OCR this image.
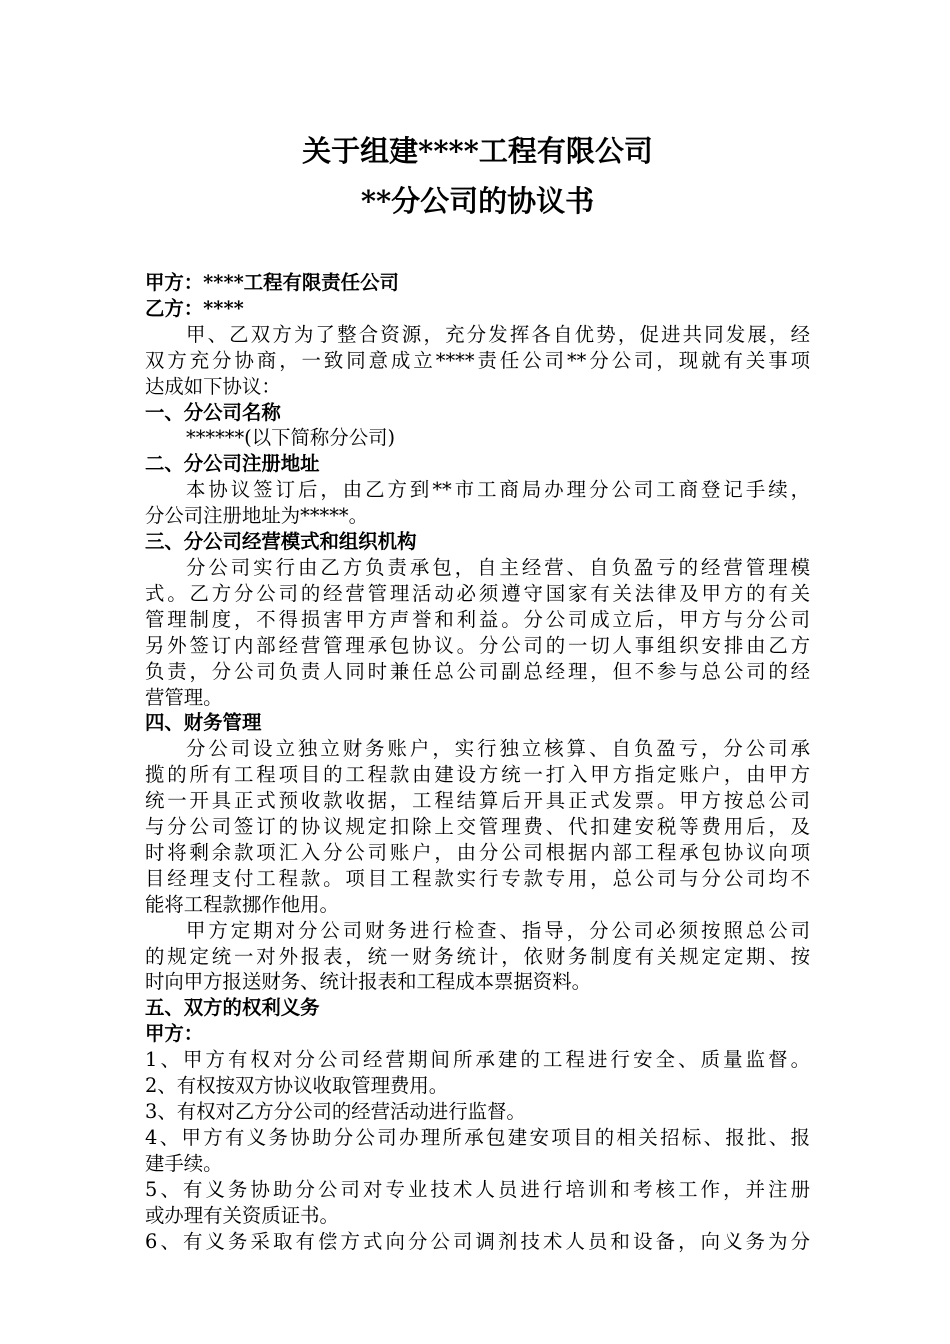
关于组建****工程有限公司
**分公司的协议书
甲方：****工程有限责任公司
乙方：****
甲、乙双方为了整合资源，充分发挥各自优势，促进共同发展，经
双方充分协商，一致同意成立****责任公司**分公司，现就有关事项
达成如下协议：
一、分公司名称
******(以下简称分公司)
二、分公司注册地址
本协议签订后，由乙方到**市工商局办理分公司工商登记手续，
分公司注册地址为*****。
三、分公司经营模式和组织机构
分公司实行由乙方负责承包，自主经营、自负盈亏的经营管理模
式。乙方分公司的经营管理活动必须遵守国家有关法律及甲方的有关
管理制度，不得损害甲方声誉和利益。分公司成立后，甲方与分公司
另外签订内部经营管理承包协议。分公司的一切人事组织安排由乙方
负责，分公司负责人同时兼任总公司副总经理，但不参与总公司的经
营管理。
四、财务管理
分公司设立独立财务账户，实行独立核算、自负盈亏，分公司承
揽的所有工程项目的工程款由建设方统一打入甲方指定账户，由甲方
统一开具正式预收款收据，工程结算后开具正式发票。甲方按总公司
与分公司签订的协议规定扣除上交管理费、代扣建安税等费用后，及
时将剩余款项汇入分公司账户，由分公司根据内部工程承包协议向项
目经理支付工程款。项目工程款实行专款专用，总公司与分公司均不
能将工程款挪作他用。
甲方定期对分公司财务进行检查、指导，分公司必须按照总公司
的规定统一对外报表，统一财务统计，依财务制度有关规定定期、按
时向甲方报送财务、统计报表和工程成本票据资料。
五、双方的权利义务
甲方：
1、甲方有权对分公司经营期间所承建的工程进行安全、质量监督。
2、有权按双方协议收取管理费用。
3、有权对乙方分公司的经营活动进行监督。
4、甲方有义务协助分公司办理所承包建安项目的相关招标、报批、报
建手续。
5、有义务协助分公司对专业技术人员进行培训和考核工作，并注册
或办理有关资质证书。
6、有义务采取有偿方式向分公司调剂技术人员和设备，向义务为分
